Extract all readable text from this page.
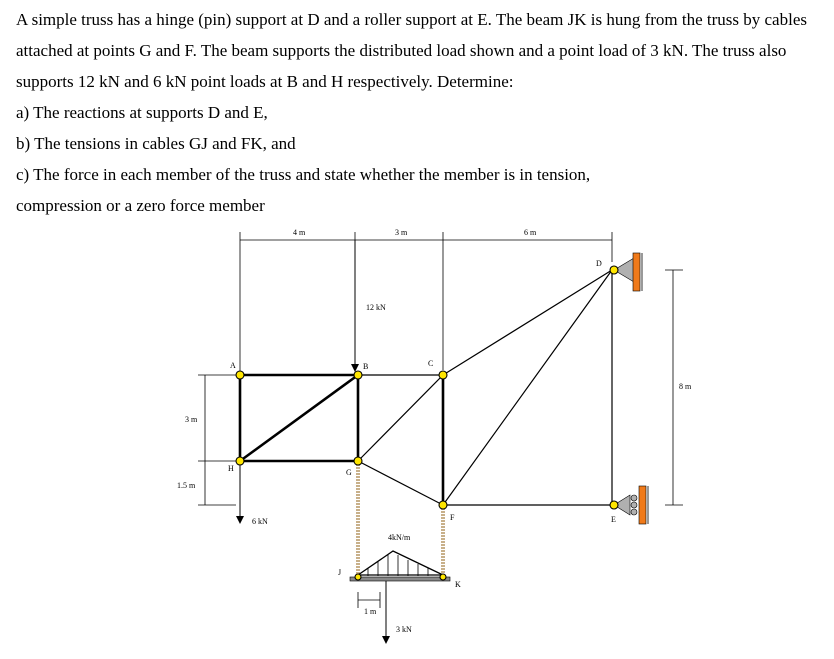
A simple truss has a hinge (pin) support at D and a roller support at E. The beam JK is hung from the truss by cables attached at points G and F. The beam supports the distributed load shown and a point load of 3 kN. The truss also supports 12 kN and 6 kN point loads at B and H respectively. Determine:

a) The reactions at supports D and E,

b) The tensions in cables GJ and FK, and

c) The force in each member of the truss and state whether the member is in tension,

compression or a zero force member

A	B	C
D
E
F
G
H
J
K
4 m	3 m	6 m
3 m
1.5 m
8 m
1 m
12 kN
6 kN
4kN/m
3 kN
